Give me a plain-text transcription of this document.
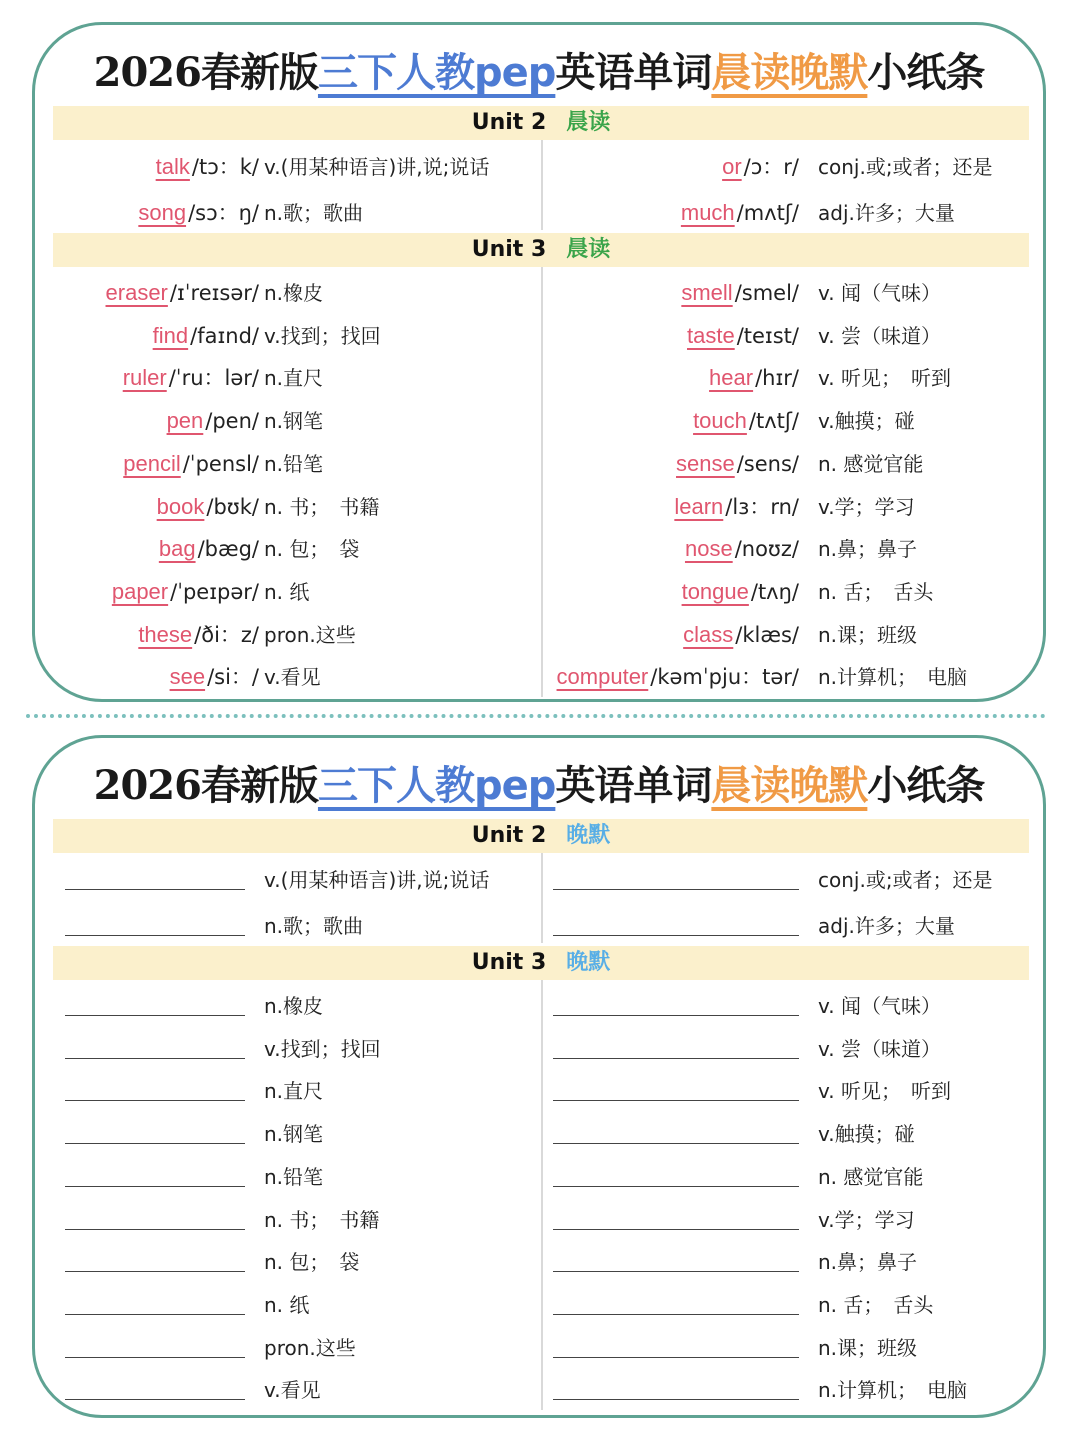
2026春新版三下人教pep英语单词晨读晚默小纸条
Unit 2 晨读
talk/tɔ：k/ v.(用某种语言)讲,说;说话
song/sɔ：ŋ/ n.歌；歌曲
or/ɔ：r/ conj.或;或者；还是
much/mʌtʃ/ adj.许多；大量
Unit 3 晨读
eraser/ɪˈreɪsər/ n.橡皮
find/faɪnd/ v.找到；找回
ruler/ˈru：lər/ n.直尺
pen/pen/ n.钢笔
pencil/ˈpensl/ n.铅笔
book/bʊk/ n. 书；　书籍
bag/bæg/ n. 包；　袋
paper/ˈpeɪpər/ n. 纸
these/ði：z/ pron.这些
see/si：/ v.看见
smell/smel/ v. 闻（气味）
taste/teɪst/ v. 尝（味道）
hear/hɪr/ v. 听见；　听到
touch/tʌtʃ/ v.触摸；碰
sense/sens/ n. 感觉官能
learn/lɜ：rn/ v.学；学习
nose/noʊz/ n.鼻；鼻子
tongue/tʌŋ/ n. 舌；　舌头
class/klæs/ n.课；班级
computer/kəmˈpju：tər/ n.计算机；　电脑
2026春新版三下人教pep英语单词晨读晚默小纸条
Unit 2 晚默
v.(用某种语言)讲,说;说话
n.歌；歌曲
conj.或;或者；还是
adj.许多；大量
Unit 3 晚默
n.橡皮
v.找到；找回
n.直尺
n.钢笔
n.铅笔
n. 书；　书籍
n. 包；　袋
n. 纸
pron.这些
v.看见
v. 闻（气味）
v. 尝（味道）
v. 听见；　听到
v.触摸；碰
n. 感觉官能
v.学；学习
n.鼻；鼻子
n. 舌；　舌头
n.课；班级
n.计算机；　电脑
